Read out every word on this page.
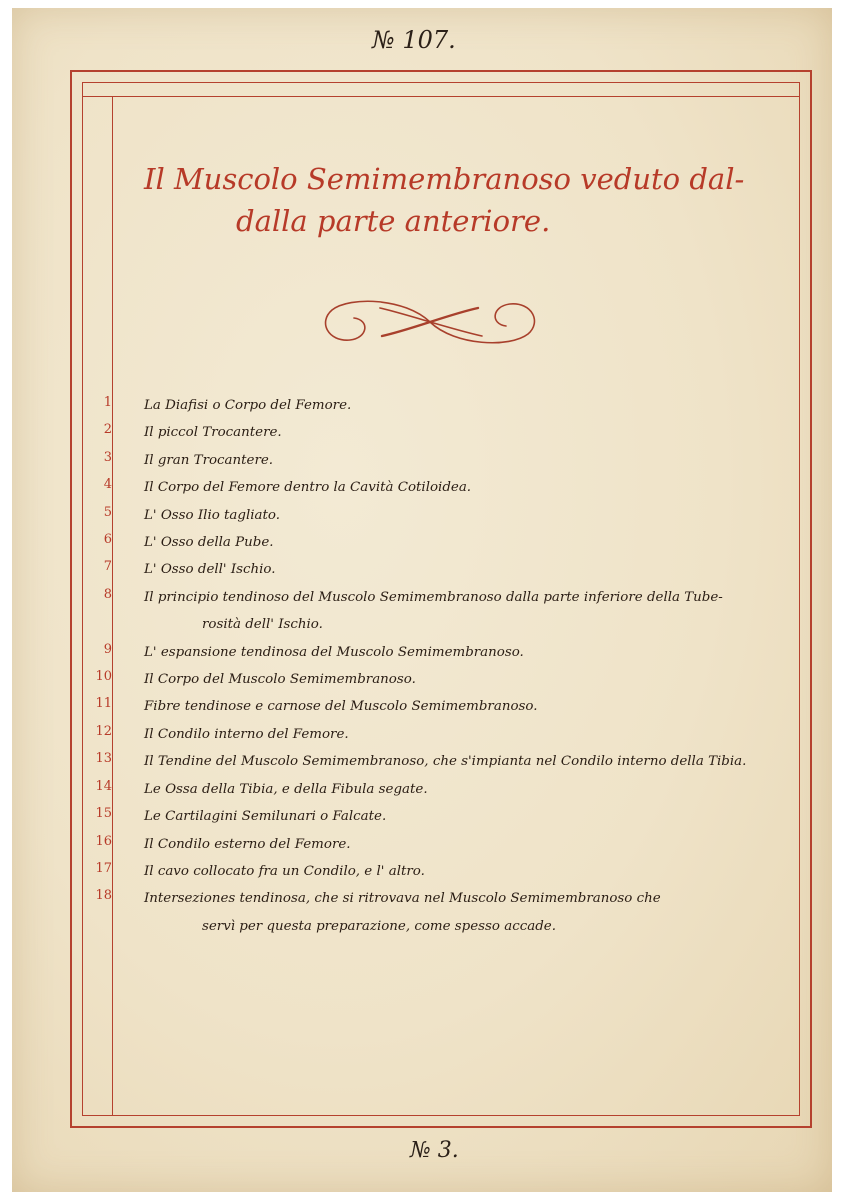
№ 107.
Il Muscolo Semimembranoso veduto dal-
dalla parte anteriore.
1 La Diafisi o Corpo del Femore.
2 Il piccol Trocantere.
3 Il gran Trocantere.
4 Il Corpo del Femore dentro la Cavità Cotiloidea.
5 L' Osso Ilio tagliato.
6 L' Osso della Pube.
7 L' Osso dell' Ischio.
8 Il principio tendinoso del Muscolo Semimembranoso dalla parte inferiore della Tube-
rosità dell' Ischio.
9 L' espansione tendinosa del Muscolo Semimembranoso.
10 Il Corpo del Muscolo Semimembranoso.
11 Fibre tendinose e carnose del Muscolo Semimembranoso.
12 Il Condilo interno del Femore.
13 Il Tendine del Muscolo Semimembranoso, che s'impianta nel Condilo interno della Tibia.
14 Le Ossa della Tibia, e della Fibula segate.
15 Le Cartilagini Semilunari o Falcate.
16 Il Condilo esterno del Femore.
17 Il cavo collocato fra un Condilo, e l' altro.
18 Interseziones tendinosa, che si ritrovava nel Muscolo Semimembranoso che
servì per questa preparazione, come spesso accade.
№ 3.
